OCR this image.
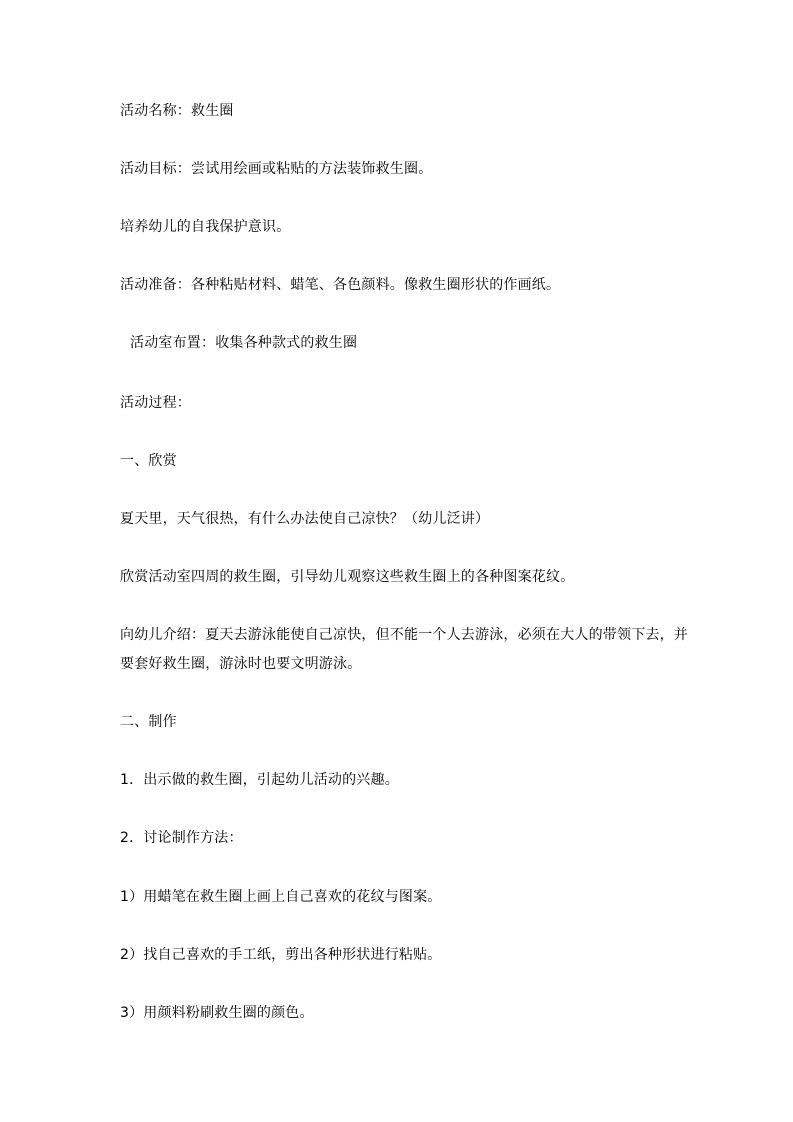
活动名称：救生圈
活动目标：尝试用绘画或粘贴的方法装饰救生圈。
培养幼儿的自我保护意识。
活动准备：各种粘贴材料、蜡笔、各色颜料。像救生圈形状的作画纸。
活动室布置：收集各种款式的救生圈
活动过程：
一、欣赏
夏天里，天气很热，有什么办法使自己凉快？（幼儿泛讲）
欣赏活动室四周的救生圈，引导幼儿观察这些救生圈上的各种图案花纹。
向幼儿介绍：夏天去游泳能使自己凉快，但不能一个人去游泳，必须在大人的带领下去，并
要套好救生圈，游泳时也要文明游泳。
二、制作
1．出示做的救生圈，引起幼儿活动的兴趣。
2．讨论制作方法：
1）用蜡笔在救生圈上画上自己喜欢的花纹与图案。
2）找自己喜欢的手工纸，剪出各种形状进行粘贴。
3）用颜料粉刷救生圈的颜色。
